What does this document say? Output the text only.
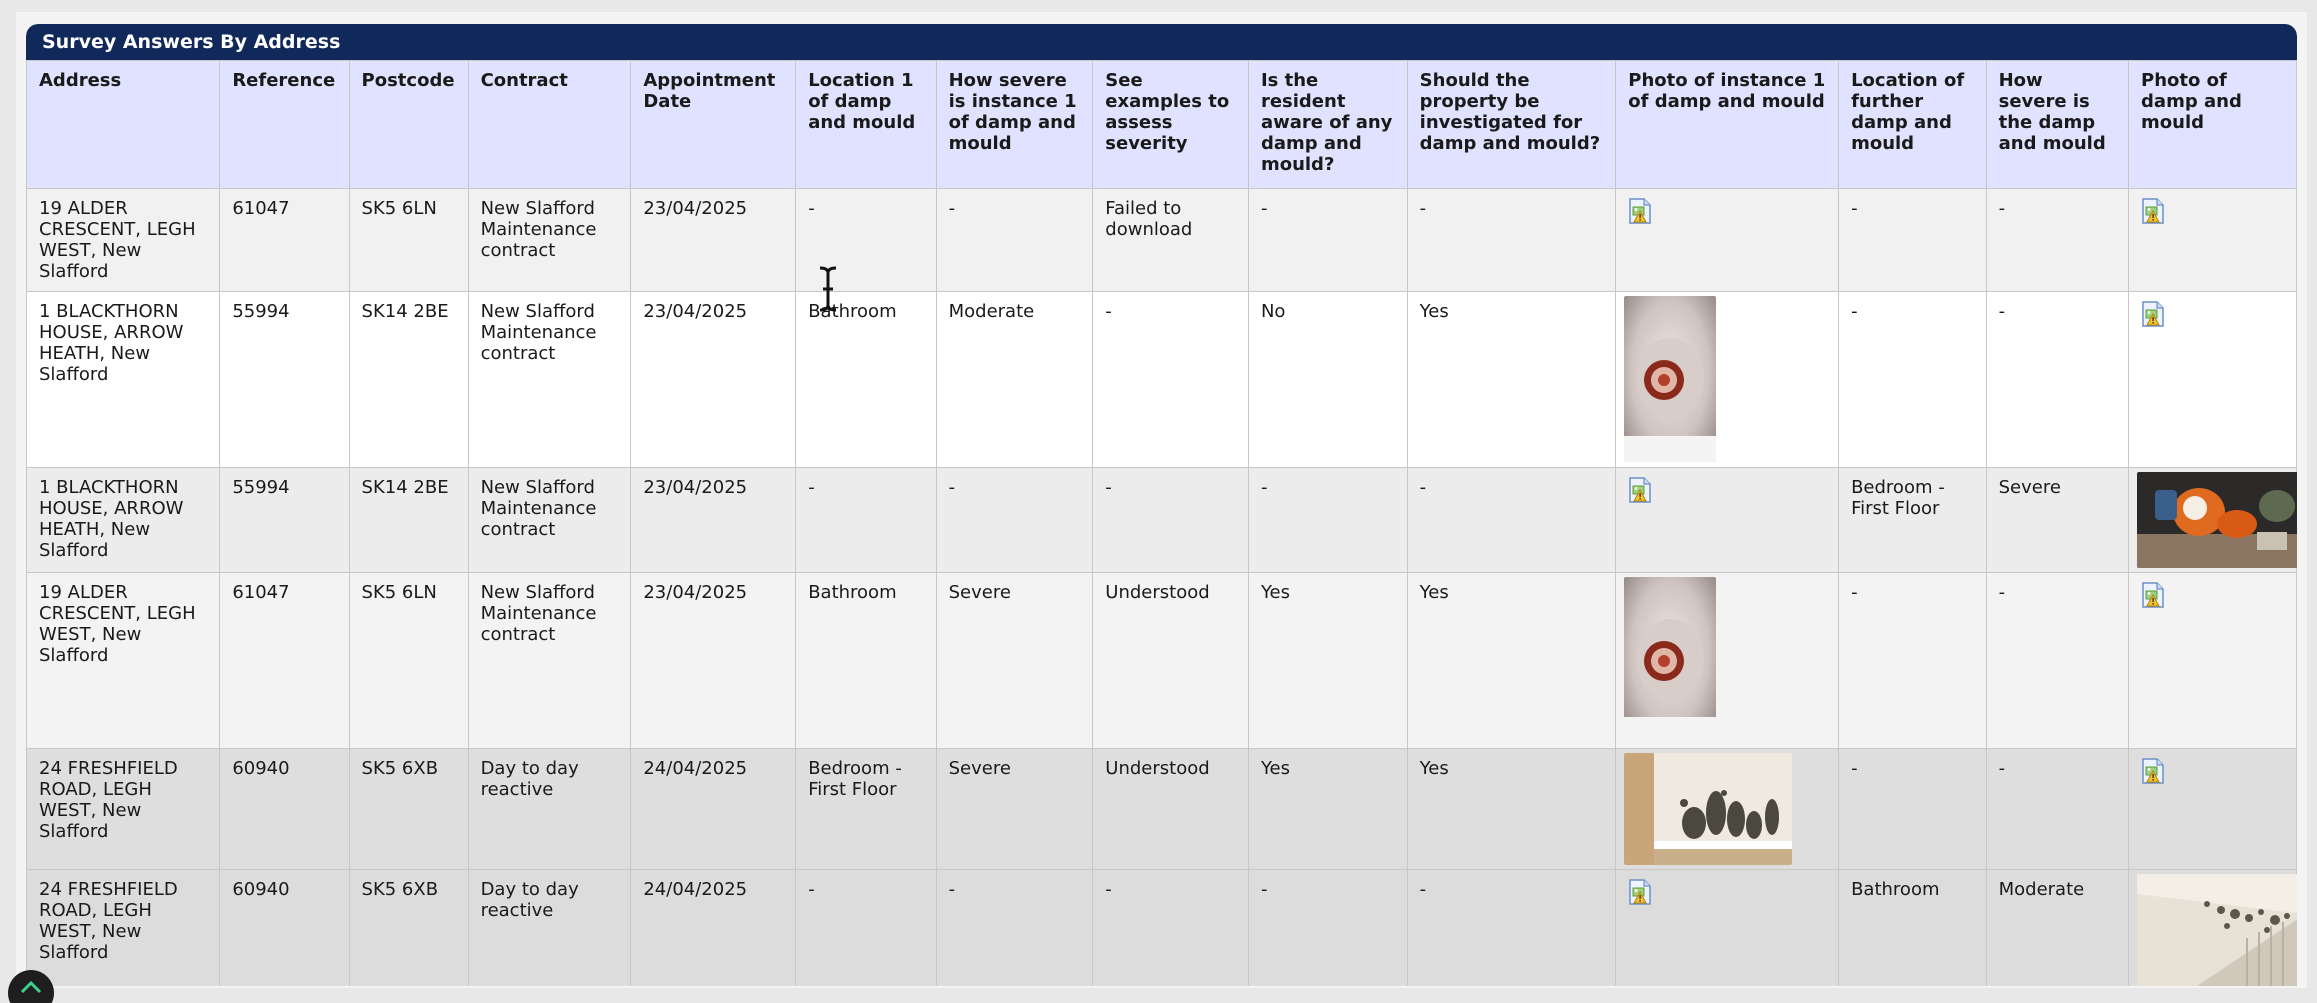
Survey Answers By Address
Address	Reference	Postcode	Contract	Appointment Date	Location 1 of damp and mould	How severe is instance 1 of damp and mould	See examples to assess severity	Is the resident aware of any damp and mould?	Should the property be investigated for damp and mould?	Photo of instance 1 of damp and mould	Location of further damp and mould	How severe is the damp and mould	Photo of damp and mould
19 ALDER CRESCENT, LEGH WEST, New Slafford	61047	SK5 6LN	New Slafford Maintenance contract	23/04/2025	-	-	Failed to download	-	-		-	-	

1 BLACKTHORN HOUSE, ARROW HEATH, New Slafford	55994	SK14 2BE	New Slafford Maintenance contract	23/04/2025	Bathroom	Moderate	-	No	Yes		-	-	

1 BLACKTHORN HOUSE, ARROW HEATH, New Slafford	55994	SK14 2BE	New Slafford Maintenance contract	23/04/2025	-	-	-	-	-		Bedroom - First Floor	Severe	

19 ALDER CRESCENT, LEGH WEST, New Slafford	61047	SK5 6LN	New Slafford Maintenance contract	23/04/2025	Bathroom	Severe	Understood	Yes	Yes		-	-	

24 FRESHFIELD ROAD, LEGH WEST, New Slafford	60940	SK5 6XB	Day to day reactive	24/04/2025	Bedroom - First Floor	Severe	Understood	Yes	Yes		-	-	

24 FRESHFIELD ROAD, LEGH WEST, New Slafford	60940	SK5 6XB	Day to day reactive	24/04/2025	-	-	-	-	-		Bathroom	Moderate	
